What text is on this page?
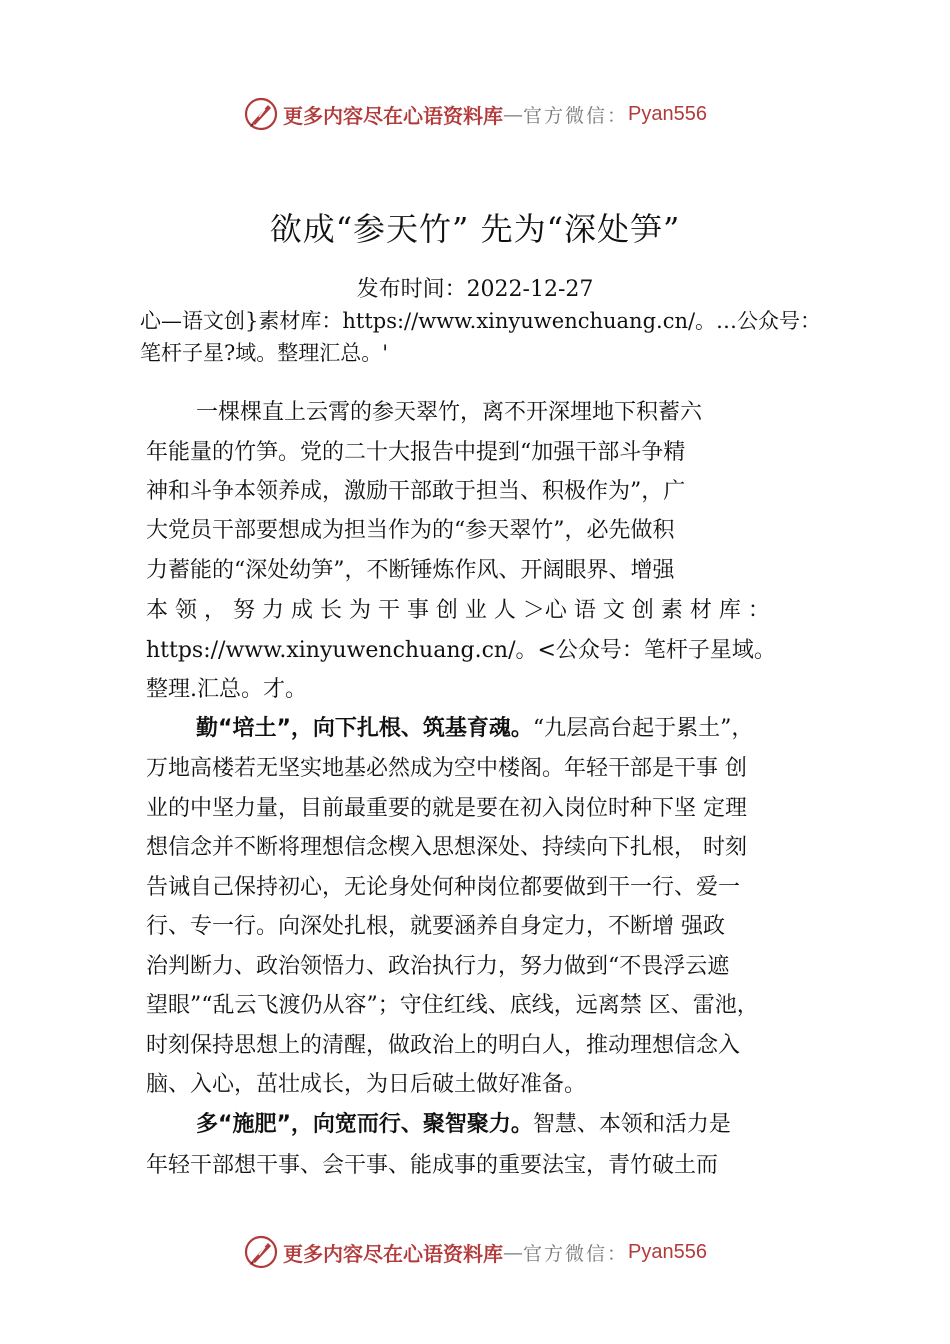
更多内容尽在心语资料库 — 官方微信： Pyan556
欲成“参天竹” 先为“深处笋”
发布时间：2022-12-27
心—语文创}素材库：https://www.xinyuwenchuang.cn/。…公众号：笔杆子星?域。整理汇总。'
一棵棵直上云霄的参天翠竹，离不开深埋地下积蓄六
年能量的竹笋。党的二十大报告中提到“加强干部斗争精
神和斗争本领养成，激励干部敢于担当、积极作为”，广
大党员干部要想成为担当作为的“参天翠竹”，必先做积
力蓄能的“深处幼笋”，不断锤炼作风、开阔眼界、增强
本 领 ， 努 力 成 长 为 干 事 创 业 人 ＞心 语 文 创 素 材 库 ：
https://www.xinyuwenchuang.cn/。<公众号：笔杆子星域。
整理.汇总。才。
勤“培土”，向下扎根、筑基育魂。“九层高台起于累土”，
万地高楼若无坚实地基必然成为空中楼阁。年轻干部是干事 创
业的中坚力量，目前最重要的就是要在初入岗位时种下坚 定理
想信念并不断将理想信念楔入思想深处、持续向下扎根， 时刻
告诫自己保持初心，无论身处何种岗位都要做到干一行、爱一
行、专一行。向深处扎根，就要涵养自身定力，不断增 强政
治判断力、政治领悟力、政治执行力，努力做到“不畏浮云遮
望眼”“乱云飞渡仍从容”；守住红线、底线，远离禁 区、雷池，
时刻保持思想上的清醒，做政治上的明白人，推动理想信念入
脑、入心，茁壮成长，为日后破土做好准备。
多“施肥”，向宽而行、聚智聚力。智慧、本领和活力是
年轻干部想干事、会干事、能成事的重要法宝，青竹破土而
更多内容尽在心语资料库 — 官方微信： Pyan556
